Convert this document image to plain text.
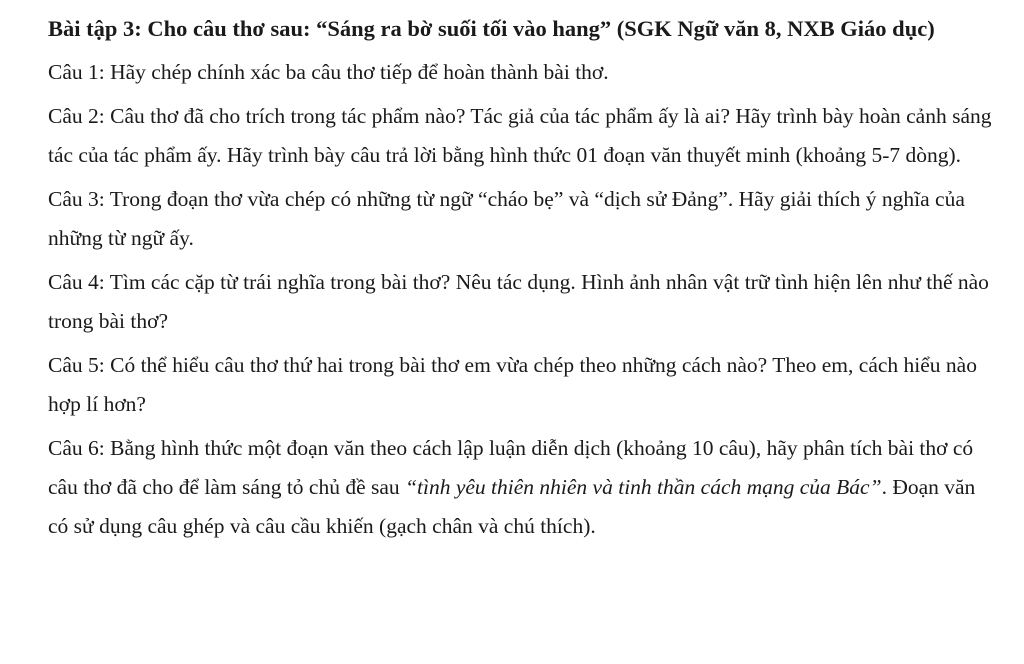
Bài tập 3: Cho câu thơ sau: “Sáng ra bờ suối tối vào hang” (SGK Ngữ văn 8, NXB Giáo dục)
Câu 1: Hãy chép chính xác ba câu thơ tiếp để hoàn thành bài thơ.
Câu 2: Câu thơ đã cho trích trong tác phẩm nào? Tác giả của tác phẩm ấy là ai? Hãy trình bày hoàn cảnh sáng tác của tác phẩm ấy. Hãy trình bày câu trả lời bằng hình thức 01 đoạn văn thuyết minh (khoảng 5-7 dòng).
Câu 3: Trong đoạn thơ vừa chép có những từ ngữ “cháo bẹ” và “dịch sử Đảng”. Hãy giải thích ý nghĩa của những từ ngữ ấy.
Câu 4: Tìm các cặp từ trái nghĩa trong bài thơ? Nêu tác dụng. Hình ảnh nhân vật trữ tình hiện lên như thế nào trong bài thơ?
Câu 5: Có thể hiểu câu thơ thứ hai trong bài thơ em vừa chép theo những cách nào? Theo em, cách hiểu nào hợp lí hơn?
Câu 6: Bằng hình thức một đoạn văn theo cách lập luận diễn dịch (khoảng 10 câu), hãy phân tích bài thơ có câu thơ đã cho để làm sáng tỏ chủ đề sau “tình yêu thiên nhiên và tinh thần cách mạng của Bác”. Đoạn văn có sử dụng câu ghép và câu cầu khiến (gạch chân và chú thích).
